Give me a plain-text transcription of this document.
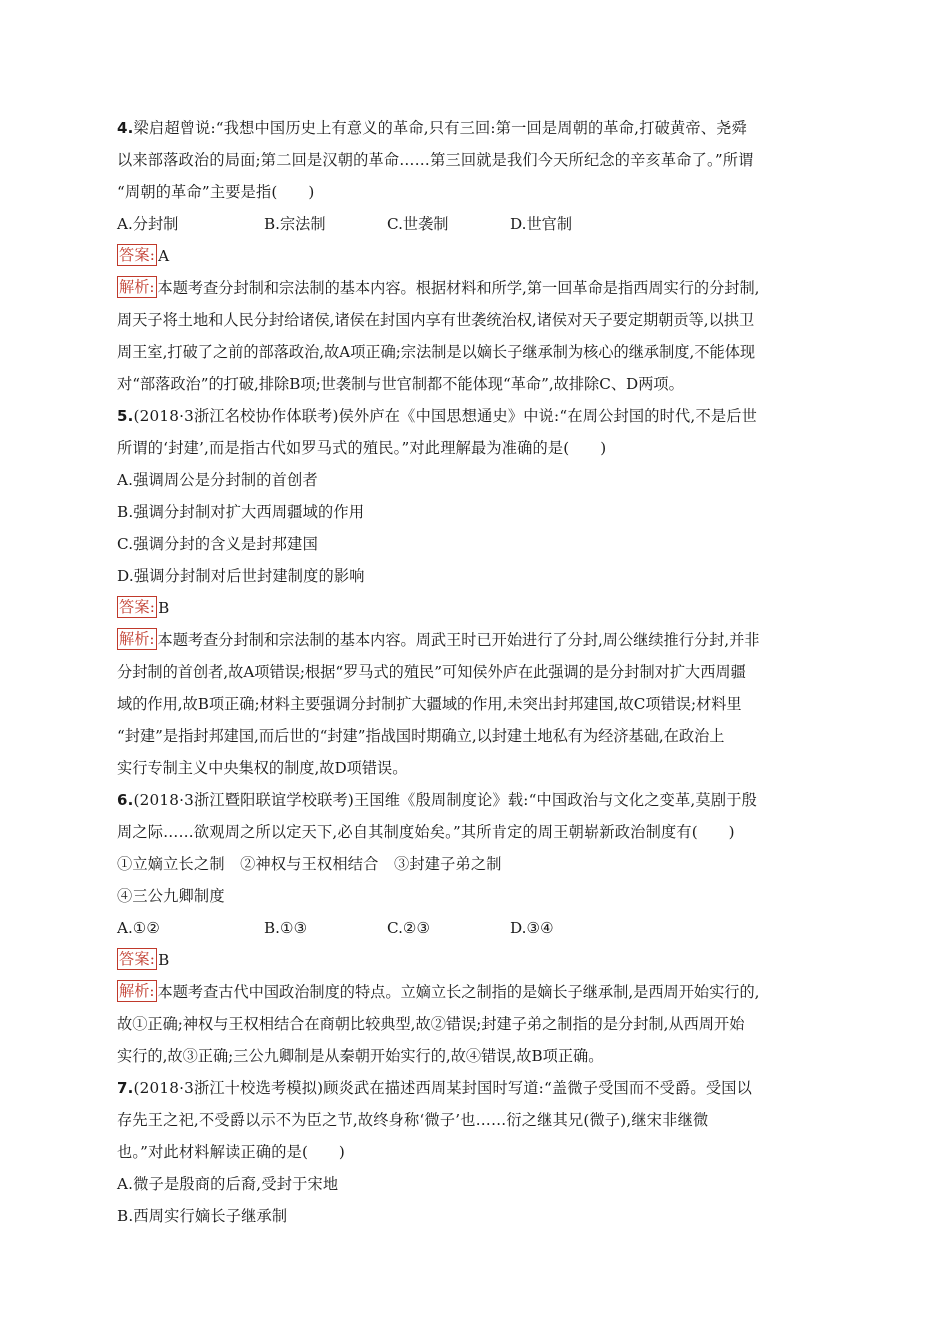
4.梁启超曾说:“我想中国历史上有意义的革命,只有三回:第一回是周朝的革命,打破黄帝、尧舜
以来部落政治的局面;第二回是汉朝的革命……第三回就是我们今天所纪念的辛亥革命了。”所谓
“周朝的革命”主要是指(　　)
A.分封制	B.宗法制	C.世袭制	D.世官制
答案: A
解析: 本题考查分封制和宗法制的基本内容。根据材料和所学,第一回革命是指西周实行的分封制,
周天子将土地和人民分封给诸侯,诸侯在封国内享有世袭统治权,诸侯对天子要定期朝贡等,以拱卫
周王室,打破了之前的部落政治,故A项正确;宗法制是以嫡长子继承制为核心的继承制度,不能体现
对“部落政治”的打破,排除B项;世袭制与世官制都不能体现“革命”,故排除C、D两项。
5.(2018·3浙江名校协作体联考)侯外庐在《中国思想通史》中说:“在周公封国的时代,不是后世
所谓的‘封建’,而是指古代如罗马式的殖民。”对此理解最为准确的是(　　)
A.强调周公是分封制的首创者
B.强调分封制对扩大西周疆域的作用
C.强调分封的含义是封邦建国
D.强调分封制对后世封建制度的影响
答案: B
解析: 本题考查分封制和宗法制的基本内容。周武王时已开始进行了分封,周公继续推行分封,并非
分封制的首创者,故A项错误;根据“罗马式的殖民”可知侯外庐在此强调的是分封制对扩大西周疆
域的作用,故B项正确;材料主要强调分封制扩大疆域的作用,未突出封邦建国,故C项错误;材料里
“封建”是指封邦建国,而后世的“封建”指战国时期确立,以封建土地私有为经济基础,在政治上
实行专制主义中央集权的制度,故D项错误。
6.(2018·3浙江暨阳联谊学校联考)王国维《殷周制度论》载:“中国政治与文化之变革,莫剧于殷
周之际……欲观周之所以定天下,必自其制度始矣。”其所肯定的周王朝崭新政治制度有(　　)
①立嫡立长之制　②神权与王权相结合　③封建子弟之制
④三公九卿制度
A.①②	B.①③	C.②③	D.③④
答案: B
解析: 本题考查古代中国政治制度的特点。立嫡立长之制指的是嫡长子继承制,是西周开始实行的,
故①正确;神权与王权相结合在商朝比较典型,故②错误;封建子弟之制指的是分封制,从西周开始
实行的,故③正确;三公九卿制是从秦朝开始实行的,故④错误,故B项正确。
7.(2018·3浙江十校选考模拟)顾炎武在描述西周某封国时写道:“盖微子受国而不受爵。受国以
存先王之祀,不受爵以示不为臣之节,故终身称‘微子’也……衍之继其兄(微子),继宋非继微
也。”对此材料解读正确的是(　　)
A.微子是殷商的后裔,受封于宋地
B.西周实行嫡长子继承制
